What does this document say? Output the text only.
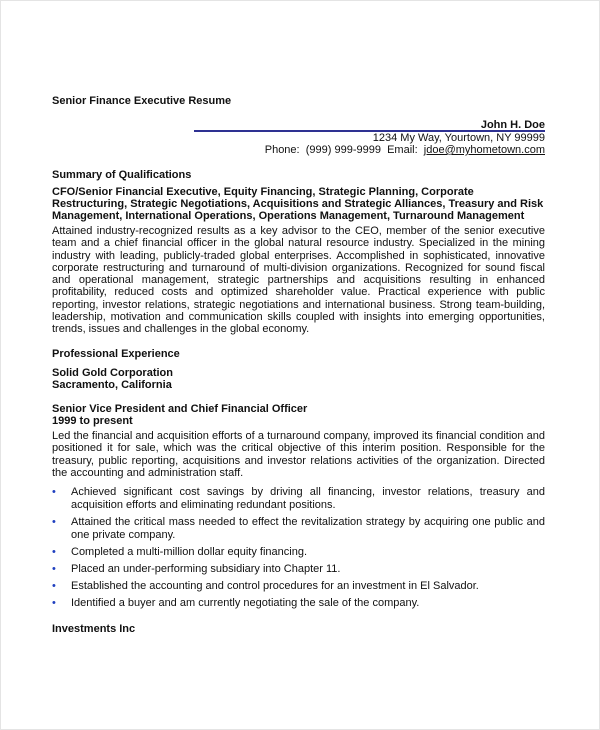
Senior Finance Executive Resume
John H. Doe
1234 My Way, Yourtown, NY 99999
Phone: (999) 999-9999 Email: jdoe@myhometown.com
Summary of Qualifications
CFO/Senior Financial Executive, Equity Financing, Strategic Planning, Corporate Restructuring, Strategic Negotiations, Acquisitions and Strategic Alliances, Treasury and Risk Management, International Operations, Operations Management, Turnaround Management
Attained industry-recognized results as a key advisor to the CEO, member of the senior executive team and a chief financial officer in the global natural resource industry. Specialized in the mining industry with leading, publicly-traded global enterprises. Accomplished in sophisticated, innovative corporate restructuring and turnaround of multi-division organizations. Recognized for sound fiscal and operational management, strategic partnerships and acquisitions resulting in enhanced profitability, reduced costs and optimized shareholder value. Practical experience with public reporting, investor relations, strategic negotiations and international business. Strong team-building, leadership, motivation and communication skills coupled with insights into emerging opportunities, trends, issues and challenges in the global economy.
Professional Experience
Solid Gold Corporation
Sacramento, California
Senior Vice President and Chief Financial Officer
1999 to present
Led the financial and acquisition efforts of a turnaround company, improved its financial condition and positioned it for sale, which was the critical objective of this interim position. Responsible for the treasury, public reporting, acquisitions and investor relations activities of the organization. Directed the accounting and administration staff.
• Achieved significant cost savings by driving all financing, investor relations, treasury and acquisition efforts and eliminating redundant positions.
• Attained the critical mass needed to effect the revitalization strategy by acquiring one public and one private company.
• Completed a multi-million dollar equity financing.
• Placed an under-performing subsidiary into Chapter 11.
• Established the accounting and control procedures for an investment in El Salvador.
• Identified a buyer and am currently negotiating the sale of the company.
Investments Inc
